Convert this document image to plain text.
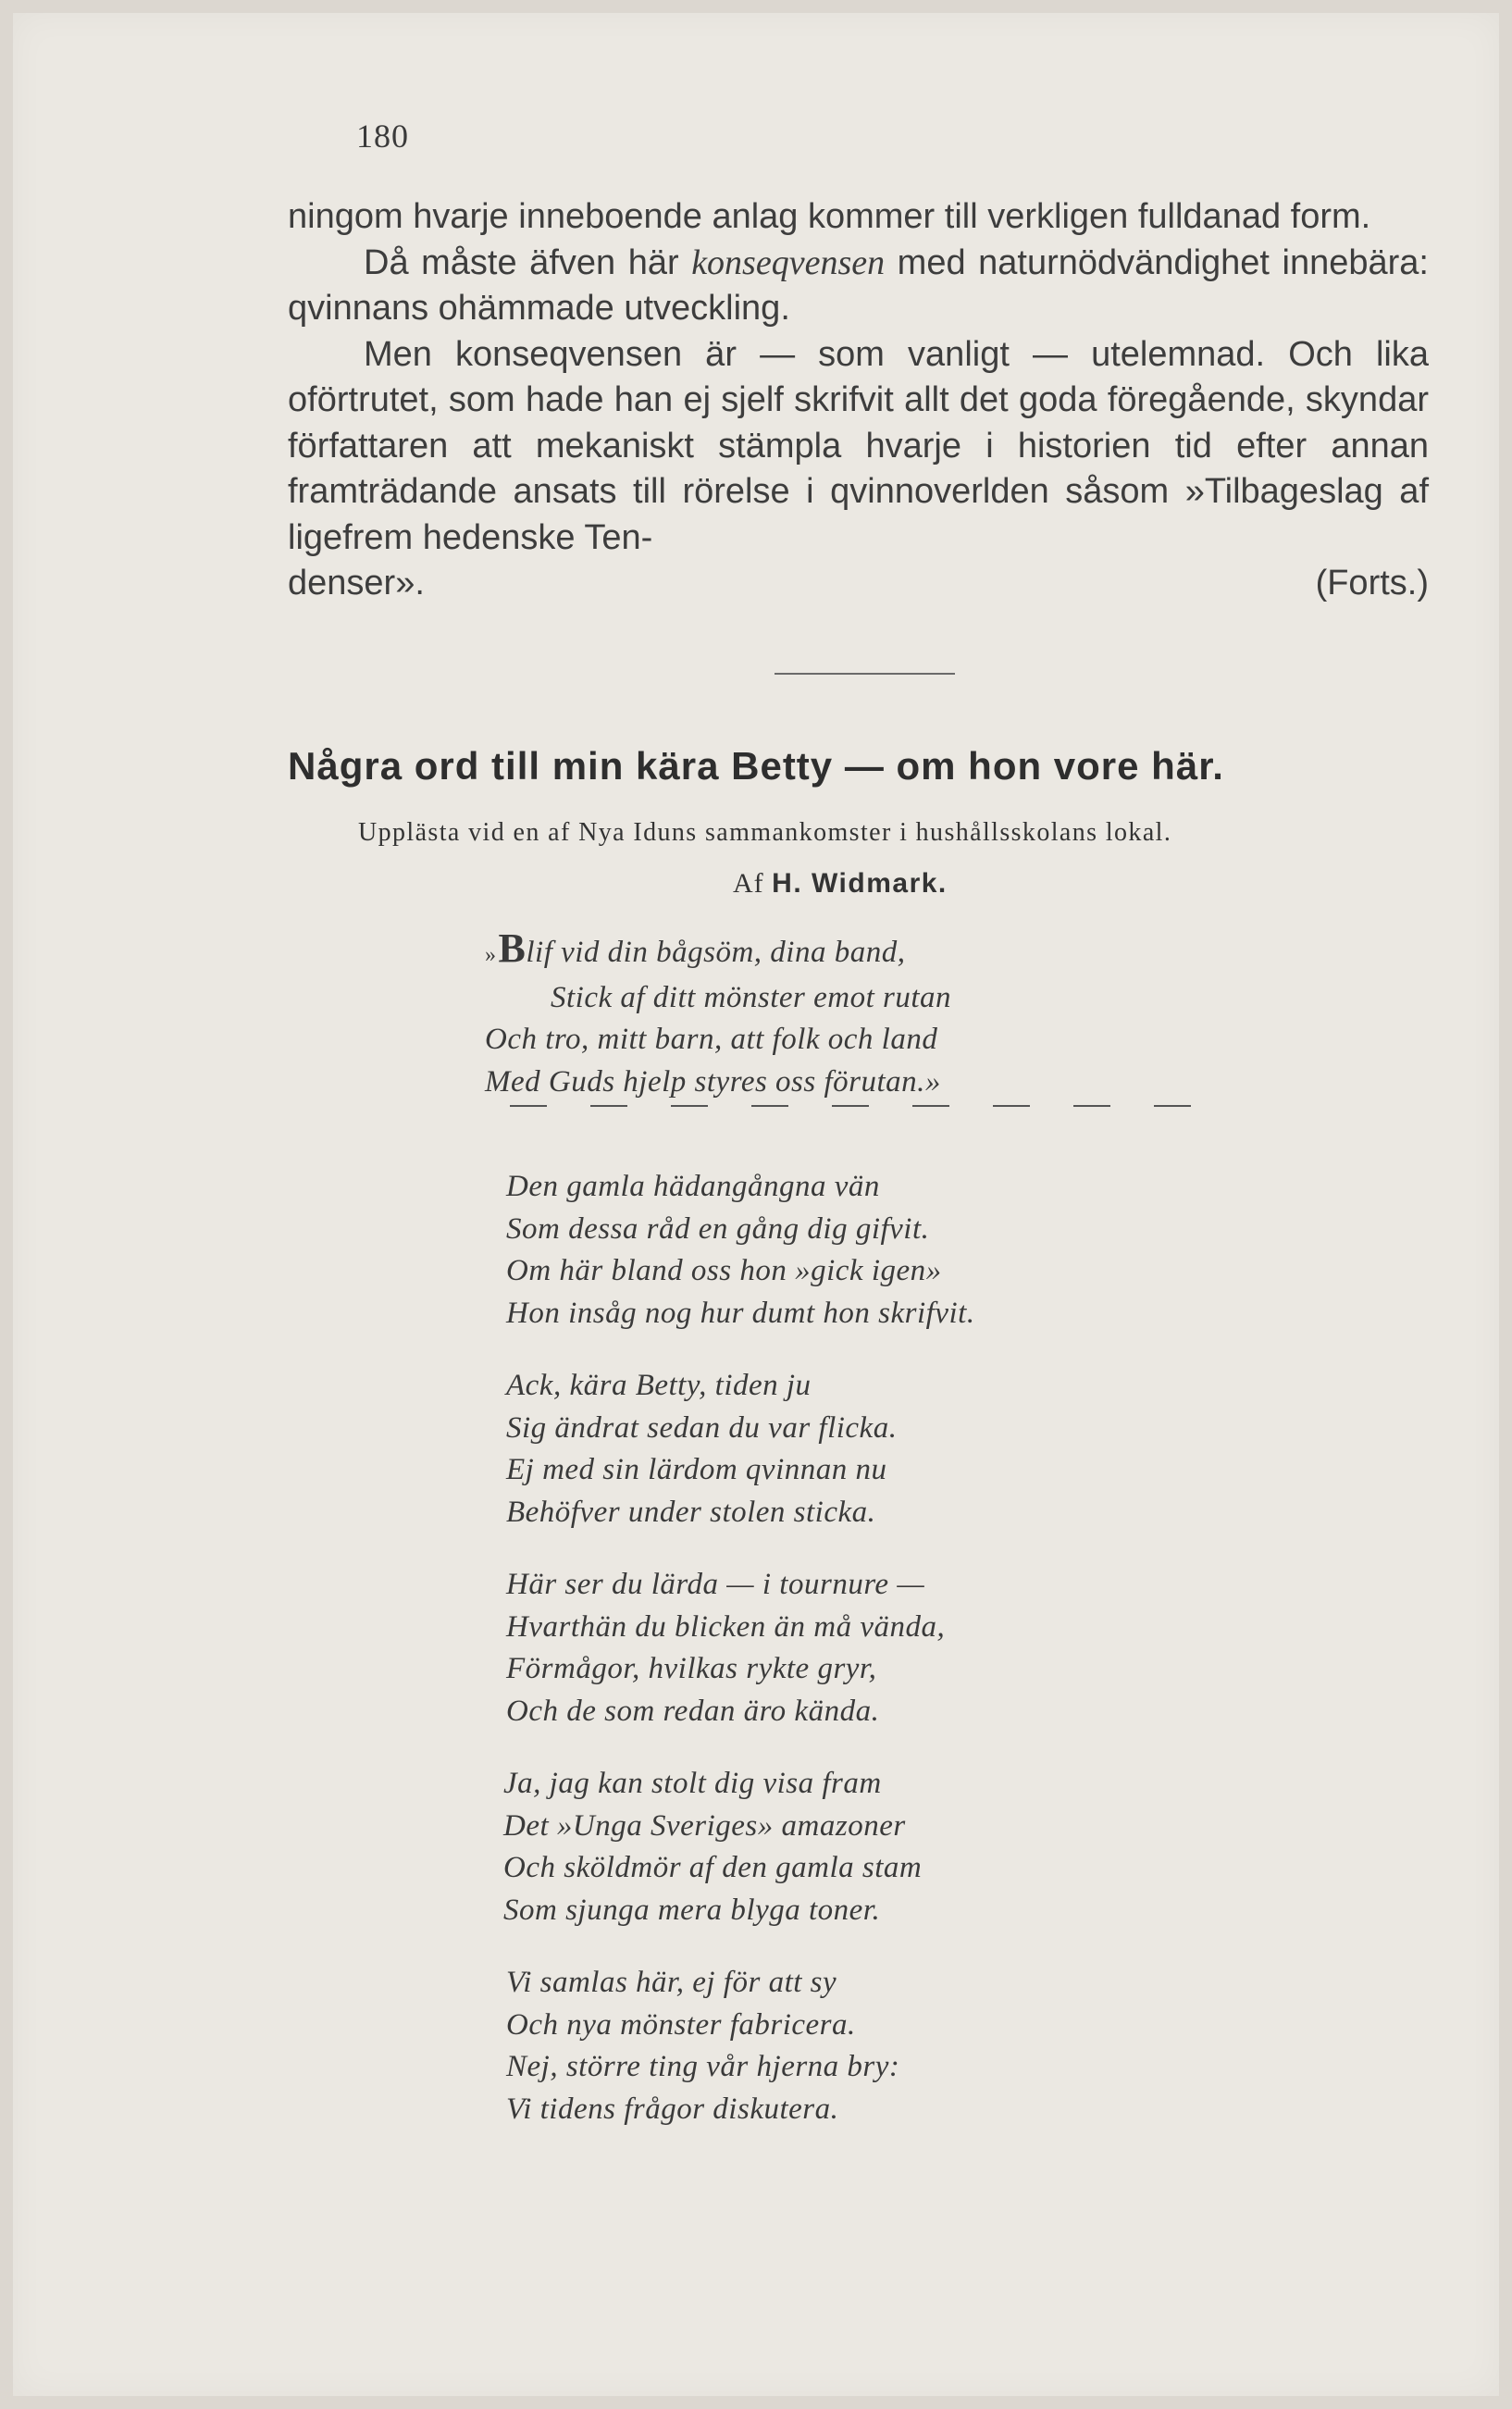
180

ningom hvarje inneboende anlag kommer till verkligen fulldanad form.

Då måste äfven här konseqvensen med naturnödvändighet innebära: qvinnans ohämmade utveckling.

Men konseqvensen är — som vanligt — utelemnad. Och lika oförtrutet, som hade han ej sjelf skrifvit allt det goda föregående, skyndar författaren att mekaniskt stämpla hvarje i historien tid efter annan framträdande ansats till rörelse i qvinnoverlden såsom »Tilbageslag af ligefrem hedenske Ten-

denser».	(Forts.)
Några ord till min kära Betty — om hon vore här.
Upplästa vid en af Nya Iduns sammankomster i hushållsskolans lokal.
Af H. Widmark.
»Blif vid din bågsöm, dina band,
Stick af ditt mönster emot rutan
Och tro, mitt barn, att folk och land
Med Guds hjelp styres oss förutan.»
Den gamla hädangångna vän
Som dessa råd en gång dig gifvit.
Om här bland oss hon »gick igen»
Hon insåg nog hur dumt hon skrifvit.
Ack, kära Betty, tiden ju
Sig ändrat sedan du var flicka.
Ej med sin lärdom qvinnan nu
Behöfver under stolen sticka.
Här ser du lärda — i tournure —
Hvarthän du blicken än må vända,
Förmågor, hvilkas rykte gryr,
Och de som redan äro kända.
Ja, jag kan stolt dig visa fram
Det »Unga Sveriges» amazoner
Och sköldmör af den gamla stam
Som sjunga mera blyga toner.
Vi samlas här, ej för att sy
Och nya mönster fabricera.
Nej, större ting vår hjerna bry:
Vi tidens frågor diskutera.
